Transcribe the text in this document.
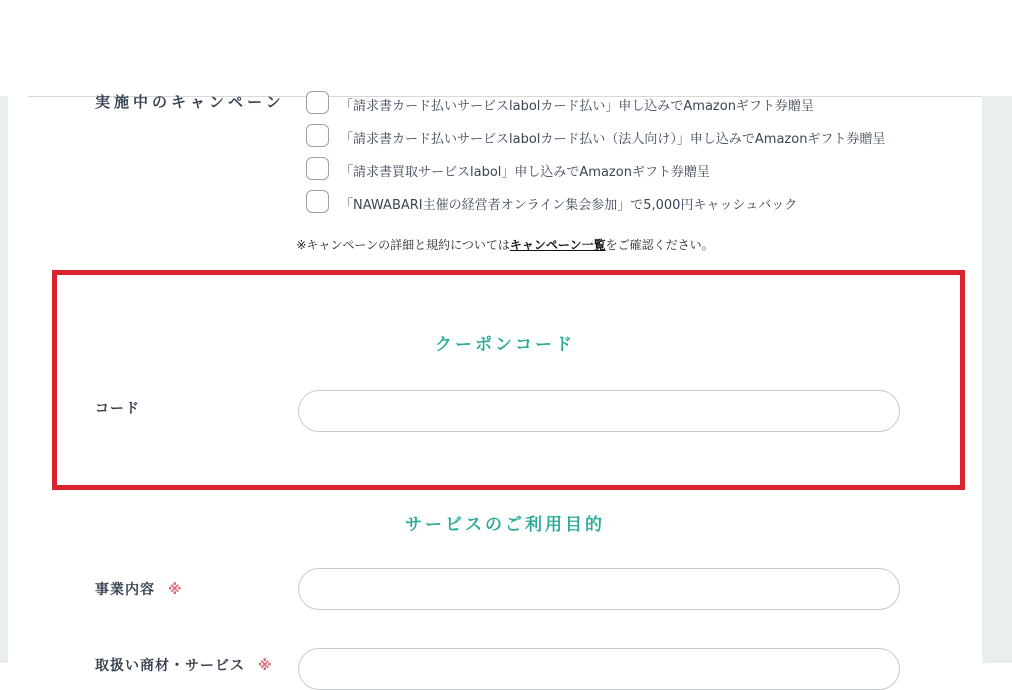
実施中のキャンペーン	「請求書カード払いサービスlabolカード払い」申し込みでAmazonギフト券贈呈
「請求書カード払いサービスlabolカード払い（法人向け）」申し込みでAmazonギフト券贈呈
「請求書買取サービスlabol」申し込みでAmazonギフト券贈呈
「NAWABARI主催の経営者オンライン集会参加」で5,000円キャッシュバック
※キャンペーンの詳細と規約についてはキャンペーン一覧をご確認ください。
クーポンコード
コード
サービスのご利用目的
事業内容 ※
取扱い商材・サービス ※
